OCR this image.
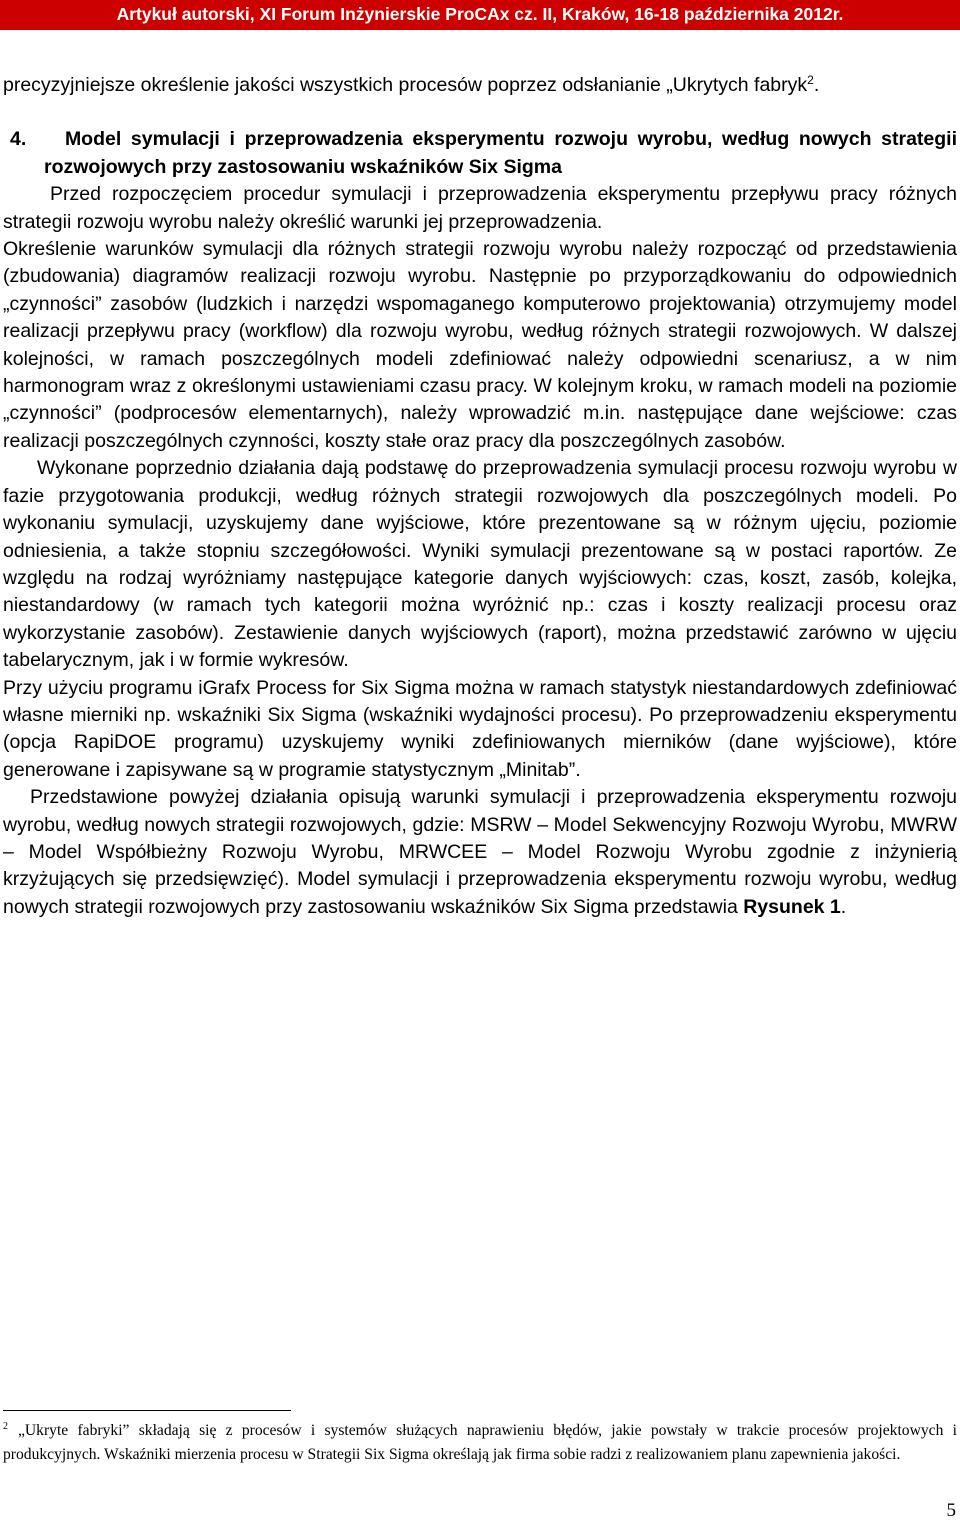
Artykuł autorski, XI Forum Inżynierskie ProCAx cz. II, Kraków, 16-18 października 2012r.

precyzyjniejsze określenie jakości wszystkich procesów poprzez odsłanianie „Ukrytych fabryk$^2$.

4. Model symulacji i przeprowadzenia eksperymentu rozwoju wyrobu, według nowych strategii rozwojowych przy zastosowaniu wskaźników Six Sigma

Przed rozpoczęciem procedur symulacji i przeprowadzenia eksperymentu przepływu pracy różnych strategii rozwoju wyrobu należy określić warunki jej przeprowadzenia.

Określenie warunków symulacji dla różnych strategii rozwoju wyrobu należy rozpocząć od przedstawienia (zbudowania) diagramów realizacji rozwoju wyrobu. Następnie po przyporządkowaniu do odpowiednich „czynności” zasobów (ludzkich i narzędzi wspomaganego komputerowo projektowania) otrzymujemy model realizacji przepływu pracy (workflow) dla rozwoju wyrobu, według różnych strategii rozwojowych. W dalszej kolejności, w ramach poszczególnych modeli zdefiniować należy odpowiedni scenariusz, a w nim harmonogram wraz z określonymi ustawieniami czasu pracy. W kolejnym kroku, w ramach modeli na poziomie „czynności” (podprocesów elementarnych), należy wprowadzić m.in. następujące dane wejściowe: czas realizacji poszczególnych czynności, koszty stałe oraz pracy dla poszczególnych zasobów.

Wykonane poprzednio działania dają podstawę do przeprowadzenia symulacji procesu rozwoju wyrobu w fazie przygotowania produkcji, według różnych strategii rozwojowych dla poszczególnych modeli. Po wykonaniu symulacji, uzyskujemy dane wyjściowe, które prezentowane są w różnym ujęciu, poziomie odniesienia, a także stopniu szczegółowości. Wyniki symulacji prezentowane są w postaci raportów. Ze względu na rodzaj wyróżniamy następujące kategorie danych wyjściowych: czas, koszt, zasób, kolejka, niestandardowy (w ramach tych kategorii można wyróżnić np.: czas i koszty realizacji procesu oraz wykorzystanie zasobów). Zestawienie danych wyjściowych (raport), można przedstawić zarówno w ujęciu tabelarycznym, jak i w formie wykresów.

Przy użyciu programu iGrafx Process for Six Sigma można w ramach statystyk niestandardowych zdefiniować własne mierniki np. wskaźniki Six Sigma (wskaźniki wydajności procesu). Po przeprowadzeniu eksperymentu (opcja RapiDOE programu) uzyskujemy wyniki zdefiniowanych mierników (dane wyjściowe), które generowane i zapisywane są w programie statystycznym „Minitab”.

Przedstawione powyżej działania opisują warunki symulacji i przeprowadzenia eksperymentu rozwoju wyrobu, według nowych strategii rozwojowych, gdzie: MSRW – Model Sekwencyjny Rozwoju Wyrobu, MWRW – Model Współbieżny Rozwoju Wyrobu, MRWCEE – Model Rozwoju Wyrobu zgodnie z inżynierią krzyżujących się przedsięwzięć). Model symulacji i przeprowadzenia eksperymentu rozwoju wyrobu, według nowych strategii rozwojowych przy zastosowaniu wskaźników Six Sigma przedstawia Rysunek 1.

$^2$ „Ukryte fabryki” składają się z procesów i systemów służących naprawieniu błędów, jakie powstały w trakcie procesów projektowych i produkcyjnych. Wskaźniki mierzenia procesu w Strategii Six Sigma określają jak firma sobie radzi z realizowaniem planu zapewnienia jakości.
5
